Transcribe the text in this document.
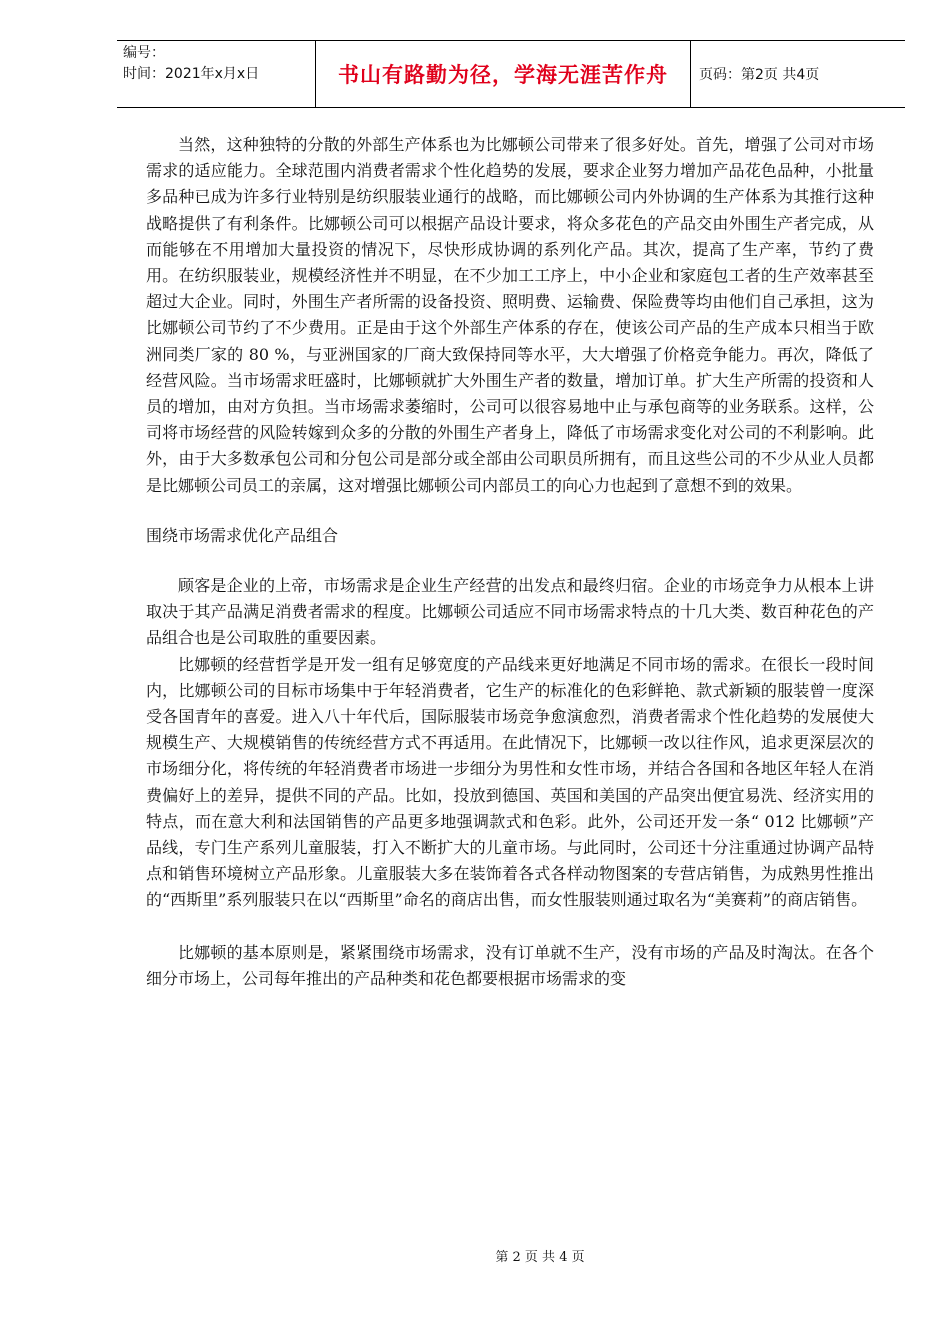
编号：
时间：2021年x月x日	书山有路勤为径，学海无涯苦作舟	页码：第2页 共4页

当然，这种独特的分散的外部生产体系也为比娜顿公司带来了很多好处。首先，增强了公司对市场需求的适应能力。全球范围内消费者需求个性化趋势的发展，要求企业努力增加产品花色品种，小批量多品种已成为许多行业特别是纺织服装业通行的战略，而比娜顿公司内外协调的生产体系为其推行这种战略提供了有利条件。比娜顿公司可以根据产品设计要求，将众多花色的产品交由外围生产者完成，从而能够在不用增加大量投资的情况下，尽快形成协调的系列化产品。其次，提高了生产率，节约了费用。在纺织服装业，规模经济性并不明显，在不少加工工序上，中小企业和家庭包工者的生产效率甚至超过大企业。同时，外围生产者所需的设备投资、照明费、运输费、保险费等均由他们自己承担，这为比娜顿公司节约了不少费用。正是由于这个外部生产体系的存在，使该公司产品的生产成本只相当于欧洲同类厂家的 80 %，与亚洲国家的厂商大致保持同等水平，大大增强了价格竞争能力。再次，降低了经营风险。当市场需求旺盛时，比娜顿就扩大外围生产者的数量，增加订单。扩大生产所需的投资和人员的增加，由对方负担。当市场需求萎缩时，公司可以很容易地中止与承包商等的业务联系。这样，公司将市场经营的风险转嫁到众多的分散的外围生产者身上，降低了市场需求变化对公司的不利影响。此外，由于大多数承包公司和分包公司是部分或全部由公司职员所拥有，而且这些公司的不少从业人员都是比娜顿公司员工的亲属，这对增强比娜顿公司内部员工的向心力也起到了意想不到的效果。

围绕市场需求优化产品组合

顾客是企业的上帝，市场需求是企业生产经营的出发点和最终归宿。企业的市场竞争力从根本上讲取决于其产品满足消费者需求的程度。比娜顿公司适应不同市场需求特点的十几大类、数百种花色的产品组合也是公司取胜的重要因素。

比娜顿的经营哲学是开发一组有足够宽度的产品线来更好地满足不同市场的需求。在很长一段时间内，比娜顿公司的目标市场集中于年轻消费者，它生产的标准化的色彩鲜艳、款式新颖的服装曾一度深受各国青年的喜爱。进入八十年代后，国际服装市场竞争愈演愈烈，消费者需求个性化趋势的发展使大规模生产、大规模销售的传统经营方式不再适用。在此情况下，比娜顿一改以往作风，追求更深层次的市场细分化，将传统的年轻消费者市场进一步细分为男性和女性市场，并结合各国和各地区年轻人在消费偏好上的差异，提供不同的产品。比如，投放到德国、英国和美国的产品突出便宜易洗、经济实用的特点，而在意大利和法国销售的产品更多地强调款式和色彩。此外，公司还开发一条“ 012 比娜顿”产品线，专门生产系列儿童服装，打入不断扩大的儿童市场。与此同时，公司还十分注重通过协调产品特点和销售环境树立产品形象。儿童服装大多在装饰着各式各样动物图案的专营店销售，为成熟男性推出的“西斯里”系列服装只在以“西斯里”命名的商店出售，而女性服装则通过取名为“美赛莉”的商店销售。

比娜顿的基本原则是，紧紧围绕市场需求，没有订单就不生产，没有市场的产品及时淘汰。在各个细分市场上，公司每年推出的产品种类和花色都要根据市场需求的变

第 2 页 共 4 页
